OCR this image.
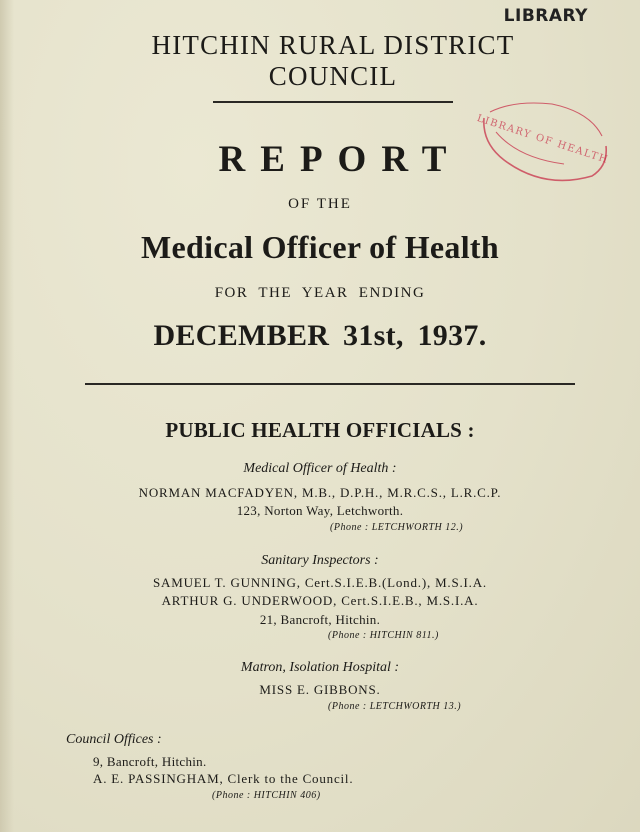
LIBRARY
HITCHIN RURAL DISTRICT COUNCIL
LIBRARY OF HEALTH
REPORT
OF THE
Medical Officer of Health
FOR THE YEAR ENDING
DECEMBER 31st, 1937.
PUBLIC HEALTH OFFICIALS :
Medical Officer of Health :
NORMAN MACFADYEN, M.B., D.P.H., M.R.C.S., L.R.C.P.
123, Norton Way, Letchworth.
(Phone : LETCHWORTH 12.)
Sanitary Inspectors :
SAMUEL T. GUNNING, Cert.S.I.E.B.(Lond.), M.S.I.A.
ARTHUR G. UNDERWOOD, Cert.S.I.E.B., M.S.I.A.
21, Bancroft, Hitchin.
(Phone : HITCHIN 811.)
Matron, Isolation Hospital :
MISS E. GIBBONS.
(Phone : LETCHWORTH 13.)
Council Offices :
9, Bancroft, Hitchin.
A. E. PASSINGHAM, Clerk to the Council.
(Phone : HITCHIN 406)
